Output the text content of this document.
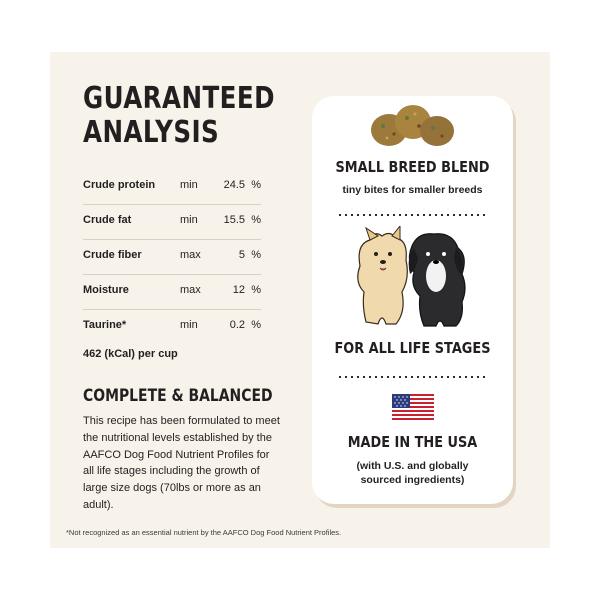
GUARANTEED
ANALYSIS
Crude protein min 24.5 %
Crude fat	min 15.5 %
Crude fiber	max	5 %
Moisture	max	12 %
Taurine*	min	0.2 %
462 (kCal) per cup
COMPLETE & BALANCED
This recipe has been formulated to meet the nutritional levels established by the AAFCO Dog Food Nutrient Profiles for all life stages including the growth of large size dogs (70lbs or more as an adult).
*Not recognized as an essential nutrient by the AAFCO Dog Food Nutrient Profiles.
SMALL BREED BLEND
tiny bites for smaller breeds
FOR ALL LIFE STAGES
MADE IN THE USA
(with U.S. and globally
sourced ingredients)
